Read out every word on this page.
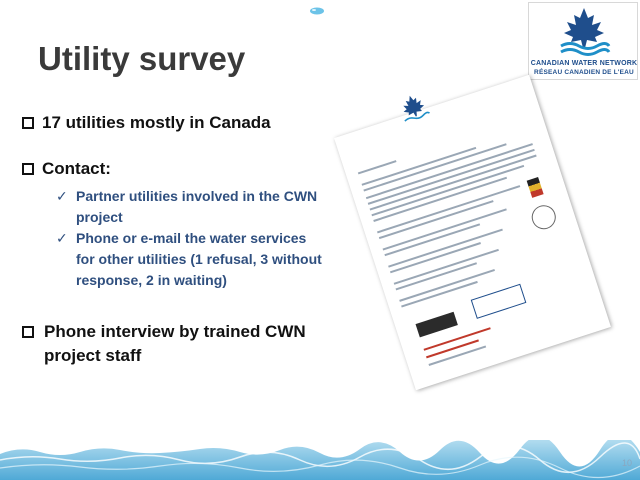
CANADIAN WATER NETWORK
RÉSEAU CANADIEN DE L'EAU
Utility survey
17 utilities mostly in Canada
Contact:
✓ Partner utilities involved in the CWN project
✓ Phone or e-mail the water services for other utilities (1 refusal, 3 without response, 2 in waiting)
Phone interview by trained CWN project staff
10
